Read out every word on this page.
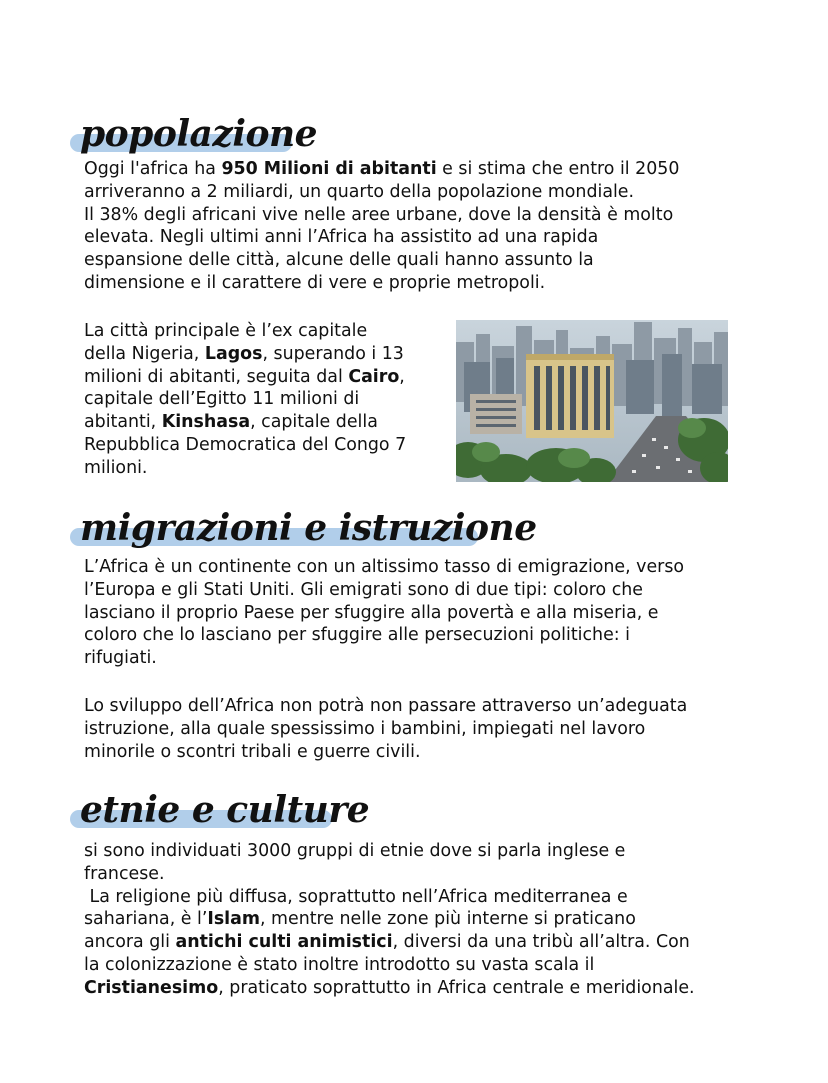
popolazione
Oggi l'africa ha 950 Milioni di abitanti e si stima che entro il 2050
arriveranno a 2 miliardi, un quarto della popolazione mondiale.
Il 38% degli africani vive nelle aree urbane, dove la densità è molto
elevata. Negli ultimi anni l’Africa ha assistito ad una rapida
espansione delle città, alcune delle quali hanno assunto la
dimensione e il carattere di vere e proprie metropoli.
La città principale è l’ex capitale
della Nigeria, Lagos, superando i 13
milioni di abitanti, seguita dal Cairo,
capitale dell’Egitto 11 milioni di
abitanti, Kinshasa, capitale della
Repubblica Democratica del Congo 7
milioni.
migrazioni e istruzione
L’Africa è un continente con un altissimo tasso di emigrazione, verso
l’Europa e gli Stati Uniti. Gli emigrati sono di due tipi: coloro che
lasciano il proprio Paese per sfuggire alla povertà e alla miseria, e
coloro che lo lasciano per sfuggire alle persecuzioni politiche: i
rifugiati.
Lo sviluppo dell’Africa non potrà non passare attraverso un’adeguata
istruzione, alla quale spessissimo i bambini, impiegati nel lavoro
minorile o scontri tribali e guerre civili.
etnie e culture
si sono individuati 3000 gruppi di etnie dove si parla inglese e
francese.
La religione più diffusa, soprattutto nell’Africa mediterranea e
sahariana, è l’Islam, mentre nelle zone più interne si praticano
ancora gli antichi culti animistici, diversi da una tribù all’altra. Con
la colonizzazione è stato inoltre introdotto su vasta scala il
Cristianesimo, praticato soprattutto in Africa centrale e meridionale.
